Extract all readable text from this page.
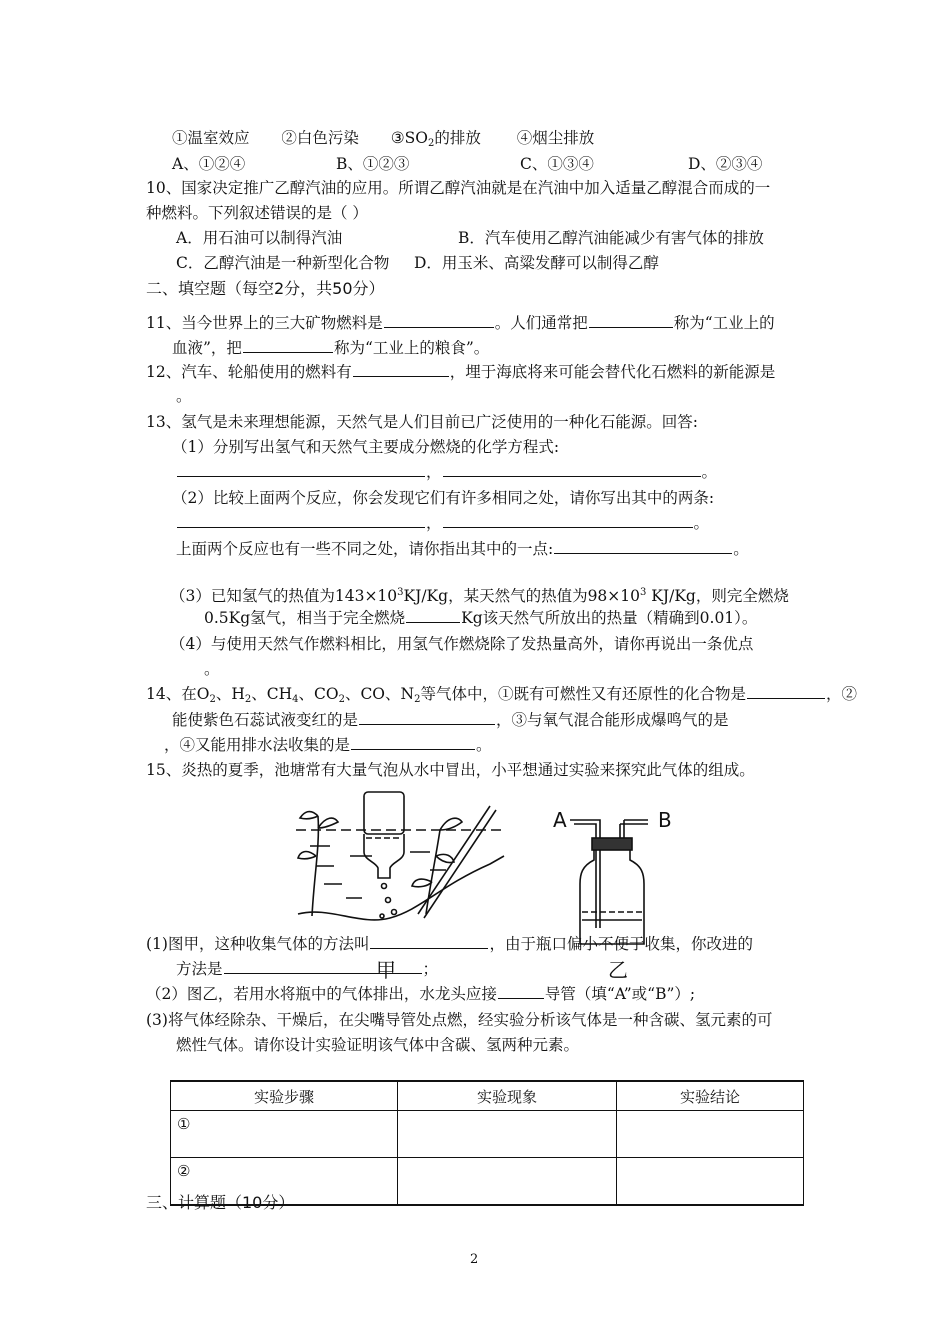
①温室效应 ②白色污染 $③SO_2$的排放 ④烟尘排放
A、①②④	B、①②③	C、①③④	D、②③④
10、国家决定推广乙醇汽油的应用。所谓乙醇汽油就是在汽油中加入适量乙醇混合而成的一
种燃料。下列叙述错误的是（ ）
A．用石油可以制得汽油	B．汽车使用乙醇汽油能减少有害气体的排放
C．乙醇汽油是一种新型化合物 D．用玉米、高粱发酵可以制得乙醇
二、填空题（每空2分，共50分）
11、当今世界上的三大矿物燃料是	。人们通常把	称为“工业上的
血液”，把	称为“工业上的粮食”。
12、汽车、轮船使用的燃料有	，埋于海底将来可能会替代化石燃料的新能源是
。
13、氢气是未来理想能源，天然气是人们目前已广泛使用的一种化石能源。回答:
（1）分别写出氢气和天然气主要成分燃烧的化学方程式:
，	。
（2）比较上面两个反应，你会发现它们有许多相同之处，请你写出其中的两条:
，	。
上面两个反应也有一些不同之处，请你指出其中的一点:	。
（3）已知氢气的热值为$143\times 10^3KJ/Kg$，某天然气的热值为$98\times 10^3$ KJ/Kg，则完全燃烧
0.5Kg氢气，相当于完全燃烧	Kg该天然气所放出的热量（精确到0.01）。
（4）与使用天然气作燃料相比，用氢气作燃烧除了发热量高外，请你再说出一条优点
。
14、在$O_2$、$H_2$、$CH_4$、$CO_2$、CO、$N_2$等气体中，①既有可燃性又有还原性的化合物是	，②
能使紫色石蕊试液变红的是	，③与氧气混合能形成爆鸣气的是
，④又能用排水法收集的是	。
15、炎热的夏季，池塘常有大量气泡从水中冒出，小平想通过实验来探究此气体的组成。
A	B
甲	乙
(1)图甲，这种收集气体的方法叫	，由于瓶口偏小不便于收集，你改进的
方法是	；
（2）图乙，若用水将瓶中的气体排出，水龙头应接	导管（填“A”或“B”）;
(3)将气体经除杂、干燥后，在尖嘴导管处点燃，经实验分析该气体是一种含碳、氢元素的可
燃性气体。请你设计实验证明该气体中含碳、氢两种元素。
实验步骤	实验现象	实验结论
①		
②		
三、计算题（10分）
2
